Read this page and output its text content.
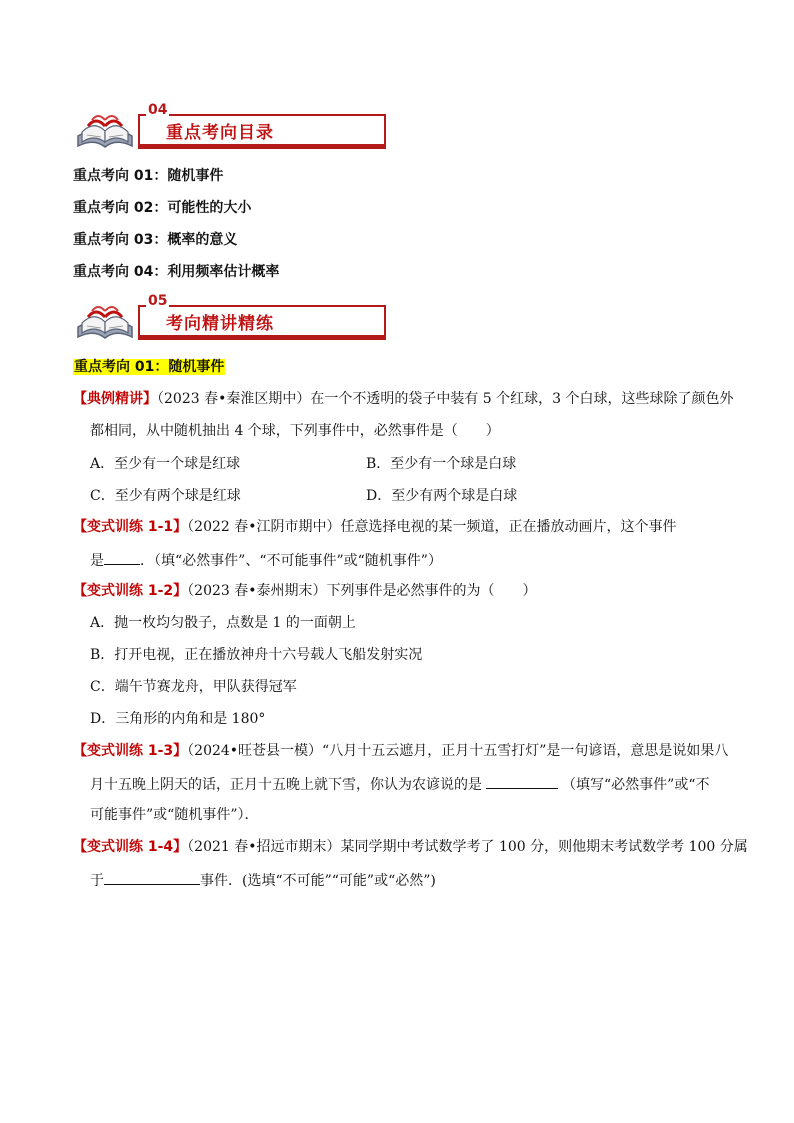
04
重点考向目录
重点考向 01：随机事件
重点考向 02：可能性的大小
重点考向 03：概率的意义
重点考向 04：利用频率估计概率
05
考向精讲精练
重点考向 01：随机事件
【典例精讲】（2023 春•秦淮区期中）在一个不透明的袋子中装有 5 个红球，3 个白球，这些球除了颜色外
都相同，从中随机抽出 4 个球，下列事件中，必然事件是（　　）
A．至少有一个球是红球	B．至少有一个球是白球
C．至少有两个球是红球	D．至少有两个球是白球
【变式训练 1-1】（2022 春•江阴市期中）任意选择电视的某一频道，正在播放动画片，这个事件
是	．（填“必然事件”、“不可能事件”或“随机事件”）
【变式训练 1-2】（2023 春•泰州期末）下列事件是必然事件的为（　　）
A．抛一枚均匀骰子，点数是 1 的一面朝上
B．打开电视，正在播放神舟十六号载人飞船发射实况
C．端午节赛龙舟，甲队获得冠军
D．三角形的内角和是 180°
【变式训练 1-3】（2024•旺苍县一模）“八月十五云遮月，正月十五雪打灯”是一句谚语，意思是说如果八
月十五晚上阴天的话，正月十五晚上就下雪，你认为农谚说的是	（填写“必然事件”或“不
可能事件”或“随机事件”）．
【变式训练 1-4】（2021 春•招远市期末）某同学期中考试数学考了 100 分，则他期末考试数学考 100 分属
于	事件．(选填“不可能”“可能”或“必然”)
